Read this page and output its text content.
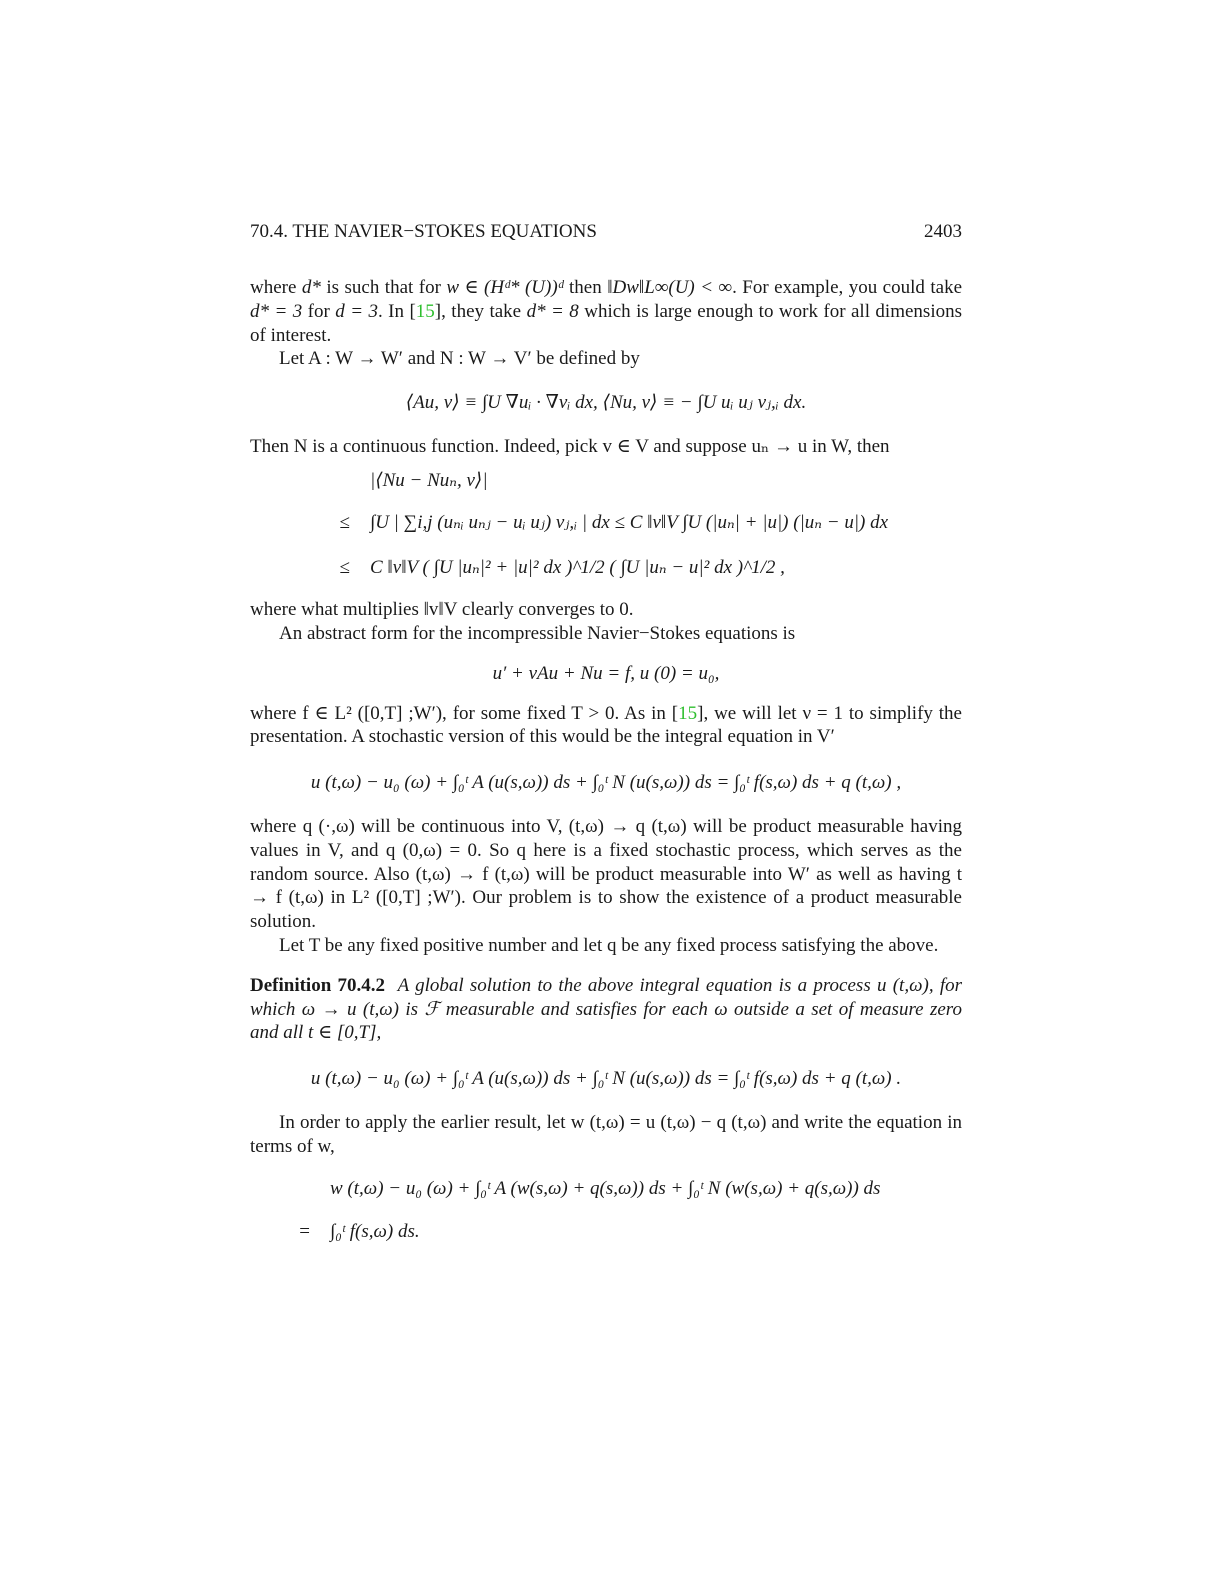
70.4. THE NAVIER−STOKES EQUATIONS	2403

where d* is such that for w ∈ (Hᵈ* (U))ᵈ then ‖Dw‖L∞(U) < ∞. For example, you could take d* = 3 for d = 3. In [15], they take d* = 8 which is large enough to work for all dimensions of interest.

Let A : W → W′ and N : W → V′ be defined by

⟨Au, v⟩ ≡ ∫U ∇uᵢ · ∇vᵢ dx, ⟨Nu, v⟩ ≡ − ∫U uᵢ uⱼ vⱼ,ᵢ dx.

Then N is a continuous function. Indeed, pick v ∈ V and suppose uₙ → u in W, then

|⟨Nu − Nuₙ, v⟩|
≤	∫U | ∑i,j (uₙᵢ uₙⱼ − uᵢ uⱼ) vⱼ,ᵢ | dx ≤ C ‖v‖V ∫U (|uₙ| + |u|) (|uₙ − u|) dx
≤	C ‖v‖V ( ∫U |uₙ|² + |u|² dx )^1/2 ( ∫U |uₙ − u|² dx )^1/2 ,

where what multiplies ‖v‖V clearly converges to 0.

An abstract form for the incompressible Navier−Stokes equations is

u′ + νAu + Nu = f, u (0) = u₀,

where f ∈ L² ([0,T] ;W′), for some fixed T > 0. As in [15], we will let ν = 1 to simplify the presentation. A stochastic version of this would be the integral equation in V′

u (t,ω) − u₀ (ω) + ∫₀ᵗ A (u(s,ω)) ds + ∫₀ᵗ N (u(s,ω)) ds = ∫₀ᵗ f(s,ω) ds + q (t,ω) ,

where q (·,ω) will be continuous into V, (t,ω) → q (t,ω) will be product measurable having values in V, and q (0,ω) = 0. So q here is a fixed stochastic process, which serves as the random source. Also (t,ω) → f (t,ω) will be product measurable into W′ as well as having t → f (t,ω) in L² ([0,T] ;W′). Our problem is to show the existence of a product measurable solution.

Let T be any fixed positive number and let q be any fixed process satisfying the above.

Definition 70.4.2 A global solution to the above integral equation is a process u (t,ω), for which ω → u (t,ω) is ℱ measurable and satisfies for each ω outside a set of measure zero and all t ∈ [0,T],

u (t,ω) − u₀ (ω) + ∫₀ᵗ A (u(s,ω)) ds + ∫₀ᵗ N (u(s,ω)) ds = ∫₀ᵗ f(s,ω) ds + q (t,ω) .

In order to apply the earlier result, let w (t,ω) = u (t,ω) − q (t,ω) and write the equation in terms of w,

w (t,ω) − u₀ (ω) + ∫₀ᵗ A (w(s,ω) + q(s,ω)) ds + ∫₀ᵗ N (w(s,ω) + q(s,ω)) ds
=	∫₀ᵗ f(s,ω) ds.
